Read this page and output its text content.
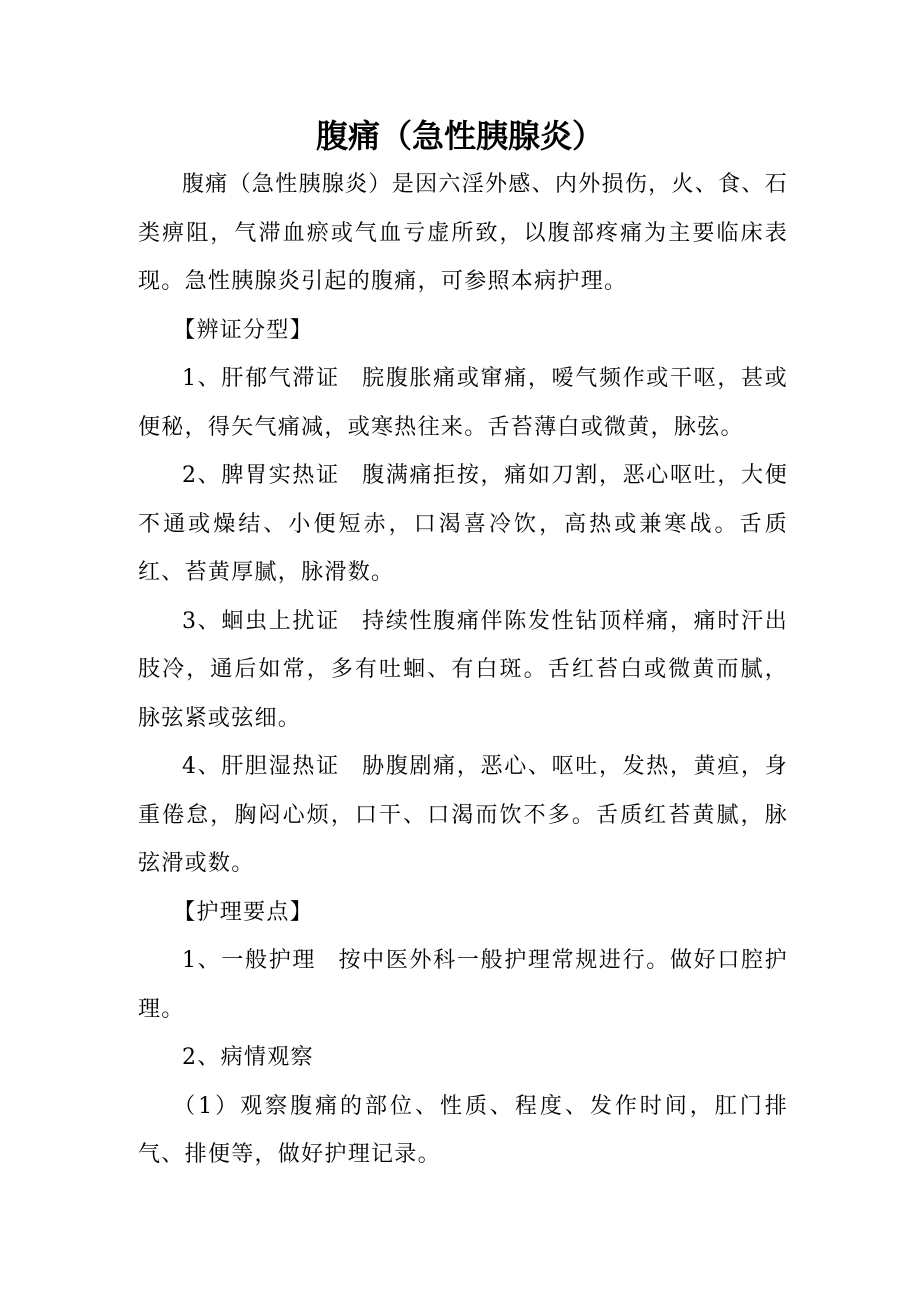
腹痛（急性胰腺炎）

腹痛（急性胰腺炎）是因六淫外感、内外损伤，火、食、石类痹阻，气滞血瘀或气血亏虚所致，以腹部疼痛为主要临床表现。急性胰腺炎引起的腹痛，可参照本病护理。

【辨证分型】

1、肝郁气滞证 脘腹胀痛或窜痛，嗳气频作或干呕，甚或便秘，得矢气痛减，或寒热往来。舌苔薄白或微黄，脉弦。

2、脾胃实热证 腹满痛拒按，痛如刀割，恶心呕吐，大便不通或燥结、小便短赤，口渴喜冷饮，高热或兼寒战。舌质红、苔黄厚腻，脉滑数。

3、蛔虫上扰证 持续性腹痛伴陈发性钻顶样痛，痛时汗出肢冷，通后如常，多有吐蛔、有白斑。舌红苔白或微黄而腻，脉弦紧或弦细。

4、肝胆湿热证 胁腹剧痛，恶心、呕吐，发热，黄疸，身重倦怠，胸闷心烦，口干、口渴而饮不多。舌质红苔黄腻，脉弦滑或数。

【护理要点】

1、一般护理 按中医外科一般护理常规进行。做好口腔护理。

2、病情观察

（1）观察腹痛的部位、性质、程度、发作时间，肛门排气、排便等，做好护理记录。
